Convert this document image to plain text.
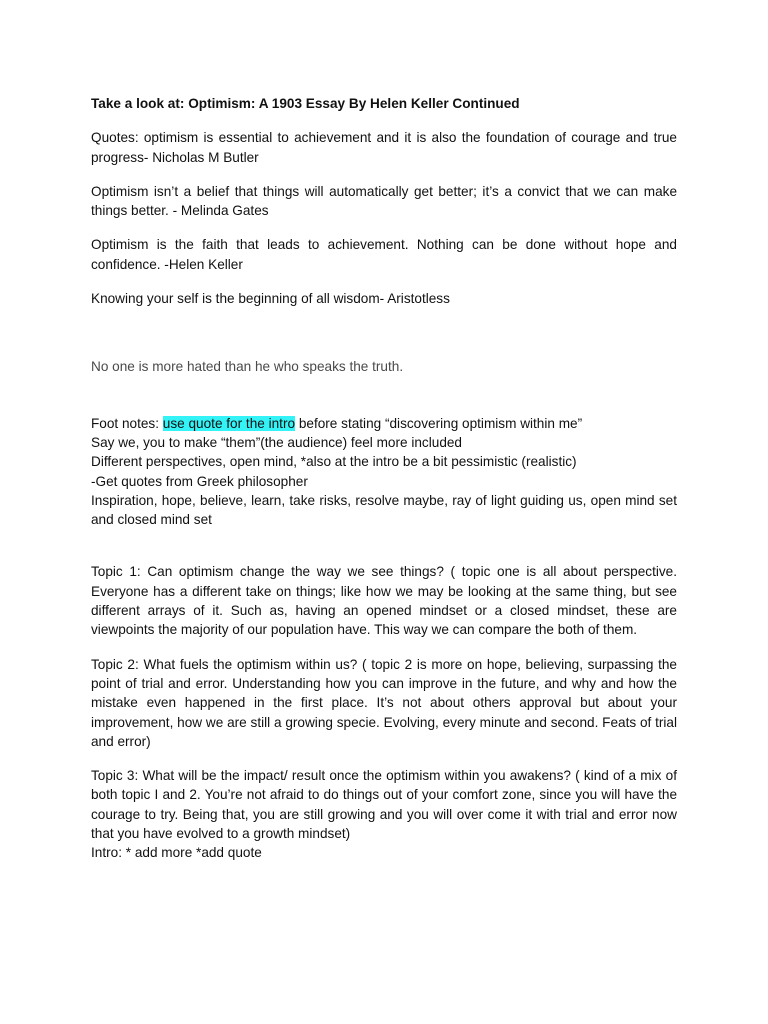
Take a look at: Optimism: A 1903 Essay By Helen Keller Continued

Quotes: optimism is essential to achievement and it is also the foundation of courage and true progress- Nicholas M Butler

Optimism isn’t a belief that things will automatically get better; it’s a convict that we can make things better. - Melinda Gates

Optimism is the faith that leads to achievement. Nothing can be done without hope and confidence. -Helen Keller

Knowing your self is the beginning of all wisdom- Aristotless

No one is more hated than he who speaks the truth.

Foot notes: use quote for the intro before stating “discovering optimism within me”

Say we, you to make “them”(the audience) feel more included

Different perspectives, open mind, *also at the intro be a bit pessimistic (realistic)

-Get quotes from Greek philosopher

Inspiration, hope, believe, learn, take risks, resolve maybe, ray of light guiding us, open mind set and closed mind set

Topic 1: Can optimism change the way we see things? ( topic one is all about perspective. Everyone has a different take on things; like how we may be looking at the same thing, but see different arrays of it. Such as, having an opened mindset or a closed mindset, these are viewpoints the majority of our population have. This way we can compare the both of them.

Topic 2: What fuels the optimism within us? ( topic 2 is more on hope, believing, surpassing the point of trial and error. Understanding how you can improve in the future, and why and how the mistake even happened in the first place. It’s not about others approval but about your improvement, how we are still a growing specie. Evolving, every minute and second. Feats of trial and error)

Topic 3: What will be the impact/ result once the optimism within you awakens? ( kind of a mix of both topic I and 2. You’re not afraid to do things out of your comfort zone, since you will have the courage to try. Being that, you are still growing and you will over come it with trial and error now that you have evolved to a growth mindset)

Intro: * add more *add quote
